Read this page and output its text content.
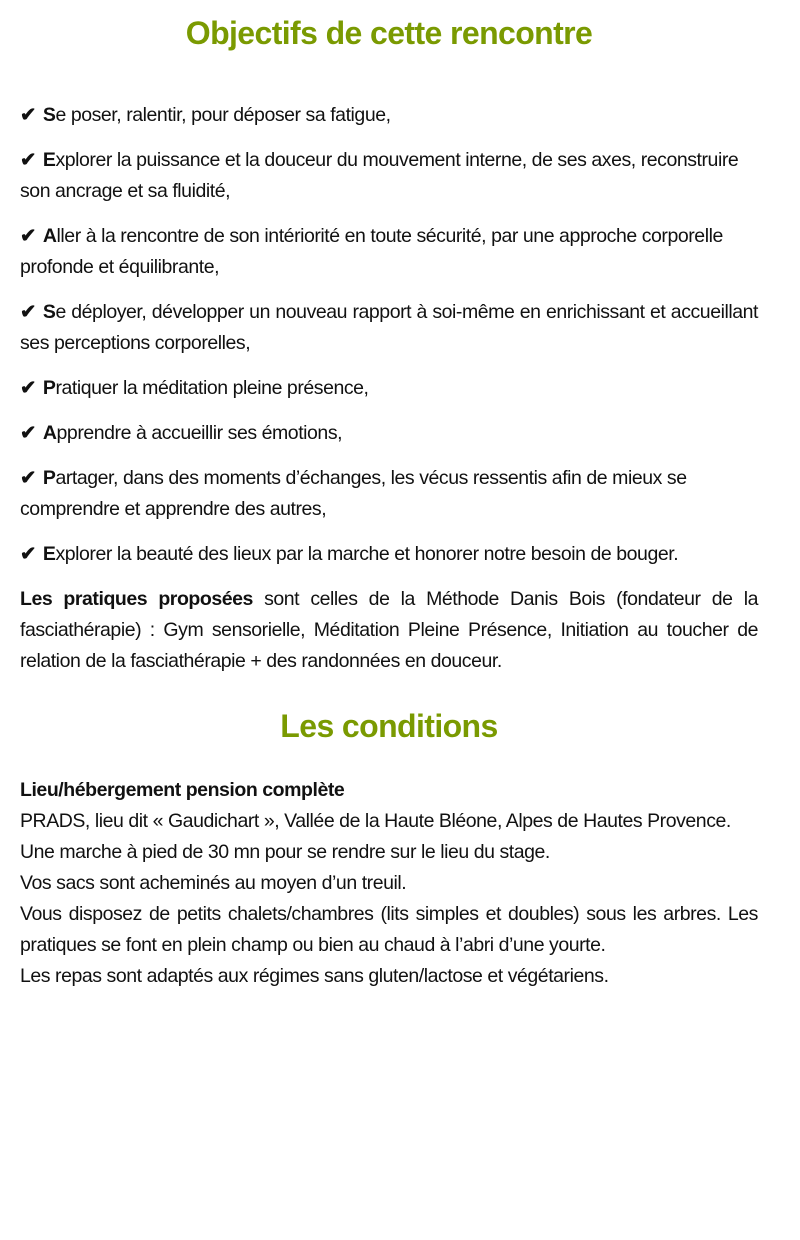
Objectifs de cette rencontre

✔ Se poser, ralentir, pour déposer sa fatigue,

✔ Explorer la puissance et la douceur du mouvement interne, de ses axes, reconstruire son ancrage et sa fluidité,

✔ Aller à la rencontre de son intériorité en toute sécurité, par une approche corporelle profonde et équilibrante,

✔ Se déployer, développer un nouveau rapport à soi-même en enrichissant et accueillant ses perceptions corporelles,

✔ Pratiquer la méditation pleine présence,

✔ Apprendre à accueillir ses émotions,

✔ Partager, dans des moments d’échanges, les vécus ressentis afin de mieux se comprendre et apprendre des autres,

✔ Explorer la beauté des lieux par la marche et honorer notre besoin de bouger.

Les pratiques proposées sont celles de la Méthode Danis Bois (fondateur de la fasciathérapie) : Gym sensorielle, Méditation Pleine Présence, Initiation au toucher de relation de la fasciathérapie + des randonnées en douceur.

Les conditions

Lieu/hébergement pension complète

PRADS, lieu dit « Gaudichart », Vallée de la Haute Bléone, Alpes de Hautes Provence.

Une marche à pied de 30 mn pour se rendre sur le lieu du stage.

Vos sacs sont acheminés au moyen d’un treuil.

Vous disposez de petits chalets/chambres (lits simples et doubles) sous les arbres. Les pratiques se font en plein champ ou bien au chaud à l’abri d’une yourte.

Les repas sont adaptés aux régimes sans gluten/lactose et végétariens.
